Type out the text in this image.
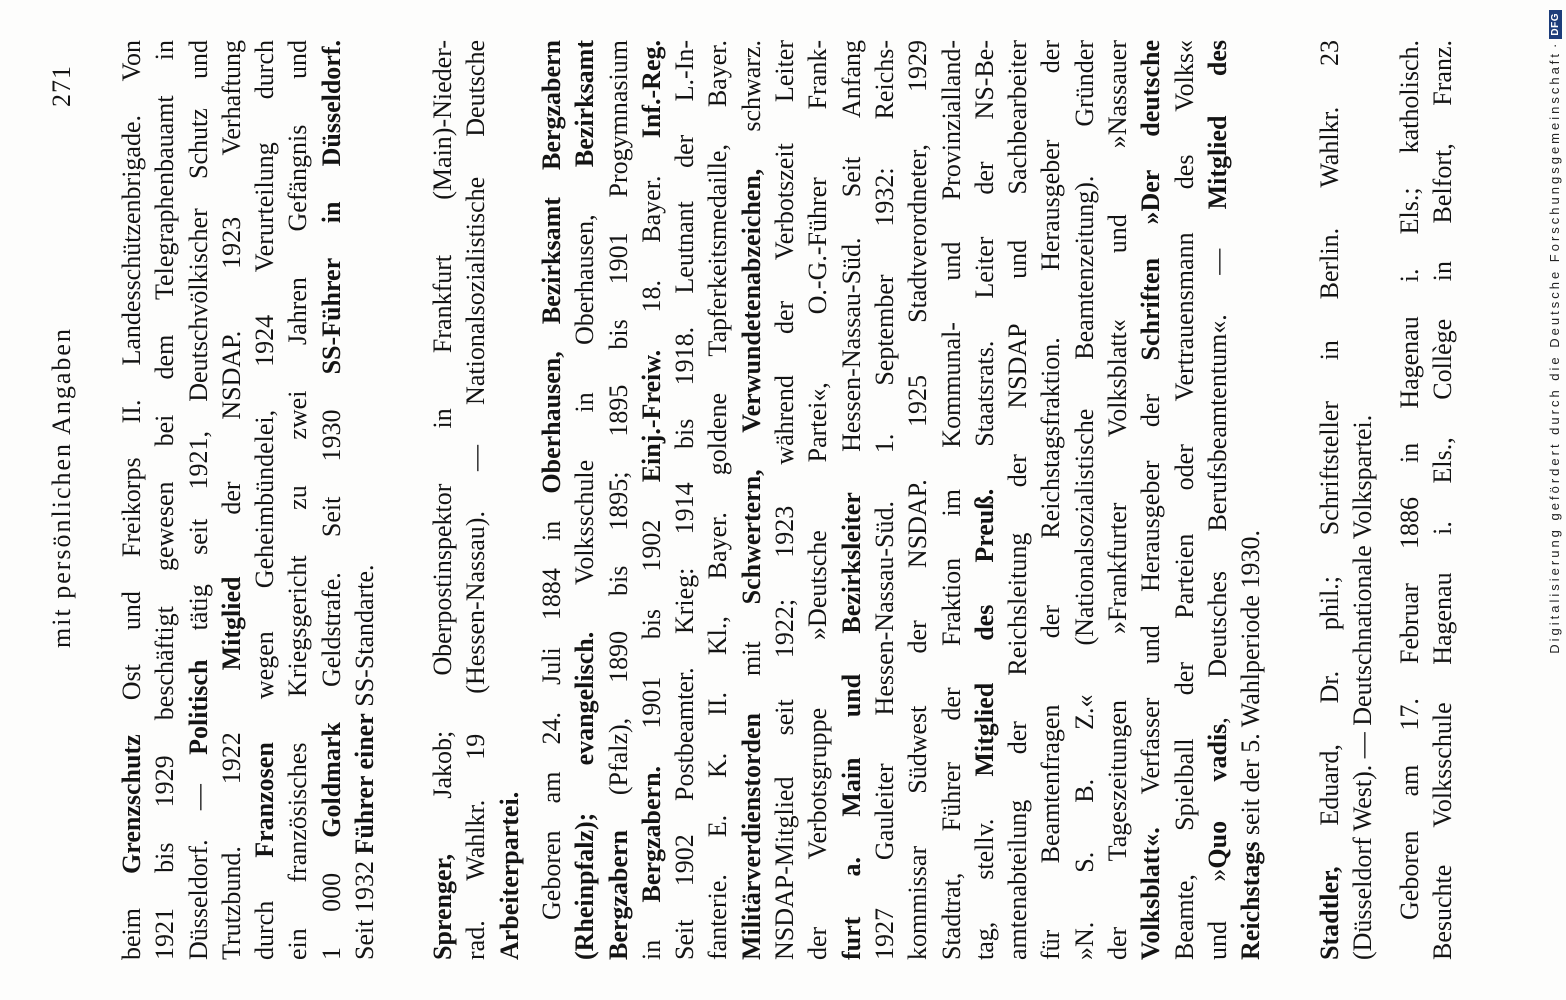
mit persönlichen Angaben
271
beim Grenzschutz Ost und Freikorps II. Landesschützenbrigade. Von 1921 bis 1929 beschäftigt gewesen bei dem Telegraphenbauamt in Düsseldorf. — Politisch tätig seit 1921, Deutschvölkischer Schutz und
Trutzbund. 1922 Mitglied der NSDAP. 1923 Verhaftung
durch Franzosen wegen Geheimbündelei, 1924 Verurteilung durch ein französisches Kriegsgericht zu zwei Jahren Gefängnis und 1 000 Goldmark Geldstrafe. Seit 1930 SS-Führer in Düsseldorf.
Seit 1932 Führer einer SS-Standarte.
Sprenger, Jakob; Oberpostinspektor in Frankfurt (Main)-Nieder- rad. Wahlkr. 19 (Hessen-Nassau). — Nationalsozialistische Deutsche Arbeiterpartei. Geboren am 24. Juli 1884 in Oberhausen, Bezirksamt Bergzabern
(Rheinpfalz); evangelisch. Volksschule in Oberhausen, Bezirksamt
Bergzabern (Pfalz), 1890 bis 1895; 1895 bis 1901 Progymnasium
in Bergzabern. 1901 bis 1902 Einj.-Freiw. 18. Bayer. Inf.-Reg. Seit 1902 Postbeamter. Krieg: 1914 bis 1918. Leutnant der L.-In- fanterie. E. K. II. Kl., Bayer. goldene Tapferkeitsmedaille, Bayer. Militärverdienstorden mit Schwertern, Verwundetenabzeichen, schwarz. NSDAP-Mitglied seit 1922; 1923 während der Verbotszeit Leiter der Verbotsgruppe »Deutsche Partei«, O.-G.-Führer Frank- furt a. Main und Bezirksleiter Hessen-Nassau-Süd. Seit Anfang 1927 Gauleiter Hessen-Nassau-Süd. 1. September 1932: Reichs- kommissar Südwest der NSDAP. 1925 Stadtverordneter, 1929 Stadtrat, Führer der Fraktion im Kommunal- und Provinzialland- tag, stellv. Mitglied des Preuß. Staatsrats. Leiter der NS-Be- amtenabteilung der Reichsleitung der NSDAP und Sachbearbeiter für Beamtenfragen der Reichstagsfraktion. Herausgeber der »N. S. B. Z.« (Nationalsozialistische Beamtenzeitung). Gründer der Tageszeitungen »Frankfurter Volksblatt« und »Nassauer Volksblatt«. Verfasser und Herausgeber der Schriften »Der deutsche Beamte, Spielball der Parteien oder Vertrauensmann des Volks« und »Quo vadis, Deutsches Berufsbeamtentum«. — Mitglied des
Reichstags seit der 5. Wahlperiode 1930.
Stadtler, Eduard, Dr. phil.; Schriftsteller in Berlin. Wahlkr. 23 (Düsseldorf West). — Deutschnationale Volkspartei. Geboren am 17. Februar 1886 in Hagenau i. Els.; katholisch. Besuchte Volksschule Hagenau i. Els., Collège in Belfort, Franz.	Digitalisierung gefördert durch die Deutsche Forschungsgemeinschaft
·
DFG
